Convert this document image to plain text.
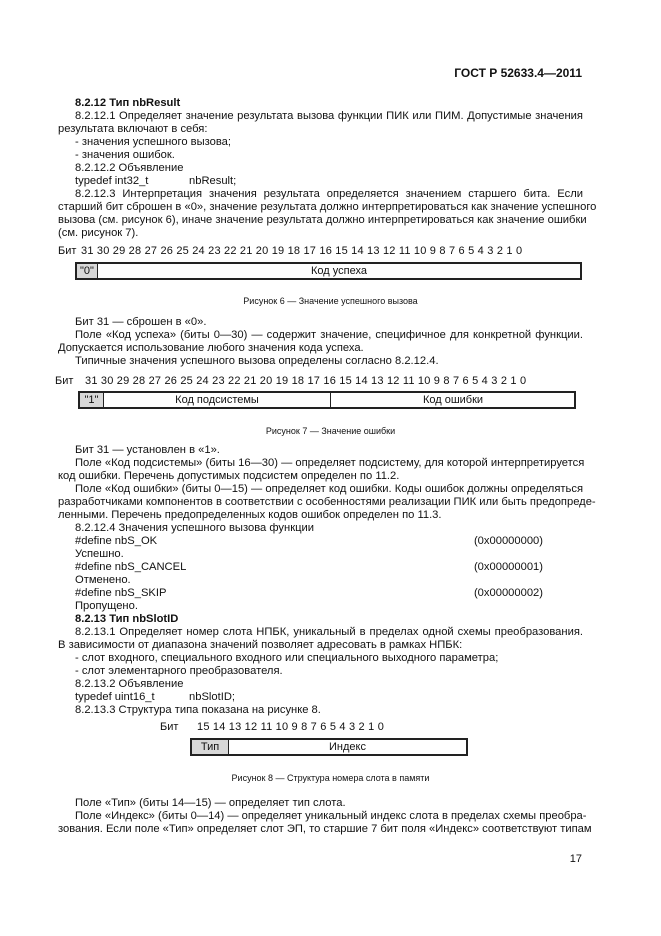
ГОСТ Р 52633.4—2011
8.2.12 Тип nbResult
8.2.12.1 Определяет значение результата вызова функции ПИК или ПИМ. Допустимые значения
результата включают в себя:
- значения успешного вызова;
- значения ошибок.
8.2.12.2 Объявление
typedef int32_t	nbResult;
8.2.12.3 Интерпретация значения результата определяется значением старшего бита. Если
старший бит сброшен в «0», значение результата должно интерпретироваться как значение успешного
вызова (см. рисунок 6), иначе значение результата должно интерпретироваться как значение ошибки
(см. рисунок 7).
Бит 31 30 29 28 27 26 25 24 23 22 21 20 19 18 17 16 15 14 13 12 11 10 9 8 7 6 5 4 3 2 1 0
"0"	Код успеха
Рисунок 6 — Значение успешного вызова
Бит 31 — сброшен в «0».
Поле «Код успеха» (биты 0—30) — содержит значение, специфичное для конкретной функции.
Допускается использование любого значения кода успеха.
Типичные значения успешного вызова определены согласно 8.2.12.4.
Бит 31 30 29 28 27 26 25 24 23 22 21 20 19 18 17 16 15 14 13 12 11 10 9 8 7 6 5 4 3 2 1 0
"1"	Код подсистемы	Код ошибки
Рисунок 7 — Значение ошибки
Бит 31 — установлен в «1».
Поле «Код подсистемы» (биты 16—30) — определяет подсистему, для которой интерпретируется
код ошибки. Перечень допустимых подсистем определен по 11.2.
Поле «Код ошибки» (биты 0—15) — определяет код ошибки. Коды ошибок должны определяться
разработчиками компонентов в соответствии с особенностями реализации ПИК или быть предопреде-
ленными. Перечень предопределенных кодов ошибок определен по 11.3.
8.2.12.4 Значения успешного вызова функции
#define nbS_OK	(0x00000000)
Успешно.
#define nbS_CANCEL	(0x00000001)
Отменено.
#define nbS_SKIP	(0x00000002)
Пропущено.
8.2.13 Тип nbSlotID
8.2.13.1 Определяет номер слота НПБК, уникальный в пределах одной схемы преобразования.
В зависимости от диапазона значений позволяет адресовать в рамках НПБК:
- слот входного, специального входного или специального выходного параметра;
- слот элементарного преобразователя.
8.2.13.2 Объявление
typedef uint16_t	nbSlotID;
8.2.13.3 Структура типа показана на рисунке 8.
Бит 15 14 13 12 11 10 9 8 7 6 5 4 3 2 1 0
Тип	Индекс
Рисунок 8 — Структура номера слота в памяти
Поле «Тип» (биты 14—15) — определяет тип слота.
Поле «Индекс» (биты 0—14) — определяет уникальный индекс слота в пределах схемы преобра-
зования. Если поле «Тип» определяет слот ЭП, то старшие 7 бит поля «Индекс» соответствуют типам
17
